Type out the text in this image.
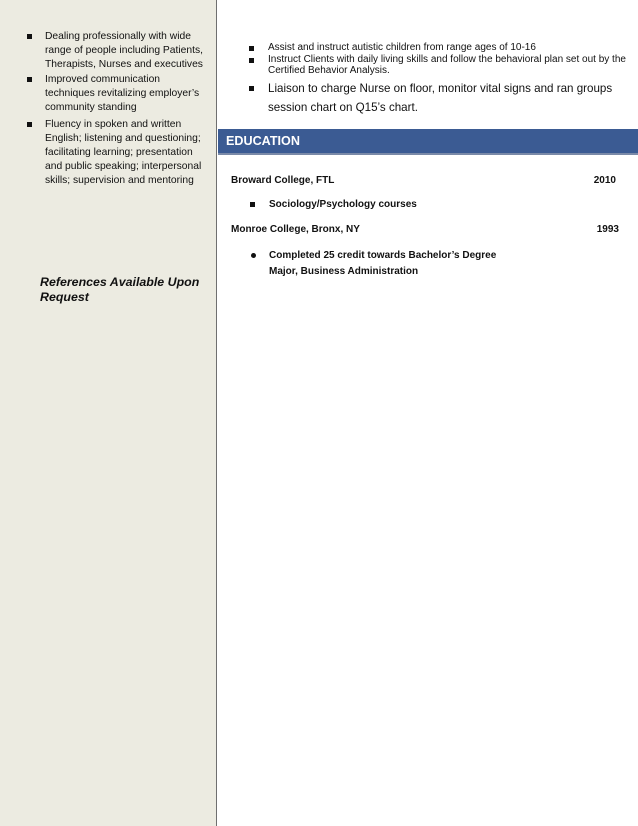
Dealing professionally with wide range of people including Patients, Therapists, Nurses and executives
Improved communication techniques revitalizing employer’s community standing
Fluency in spoken and written English; listening and questioning; facilitating learning; presentation and public speaking; interpersonal skills; supervision and mentoring
References Available Upon Request
Assist and instruct autistic children from range ages of 10-16
Instruct Clients with daily living skills and follow the behavioral plan set out by the Certified Behavior Analysis.
Liaison to charge Nurse on floor, monitor vital signs and ran groups session chart on Q15’s chart.
EDUCATION
Broward College, FTL	2010
Sociology/Psychology courses
Monroe College, Bronx, NY	1993
Completed 25 credit towards Bachelor’s Degree
Major, Business Administration
